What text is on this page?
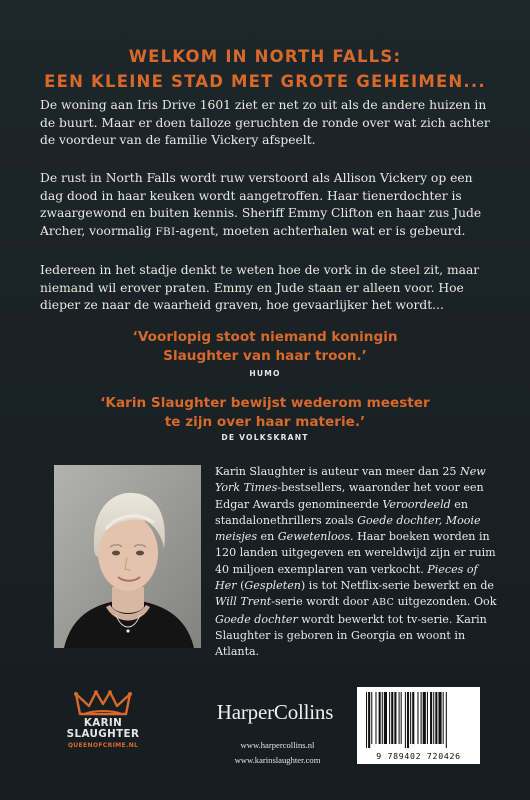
WELKOM IN NORTH FALLS:
EEN KLEINE STAD MET GROTE GEHEIMEN...

De woning aan Iris Drive 1601 ziet er net zo uit als de andere huizen in de buurt. Maar er doen talloze geruchten de ronde over wat zich achter de voordeur van de familie Vickery afspeelt.

De rust in North Falls wordt ruw verstoord als Allison Vickery op een dag dood in haar keuken wordt aangetroffen. Haar tienerdochter is zwaargewond en buiten kennis. Sheriff Emmy Clifton en haar zus Jude Archer, voormalig FBI-agent, moeten achterhalen wat er is gebeurd.

Iedereen in het stadje denkt te weten hoe de vork in de steel zit, maar niemand wil erover praten. Emmy en Jude staan er alleen voor. Hoe dieper ze naar de waarheid graven, hoe gevaarlijker het wordt...

‘Voorlopig stoot niemand koningin
Slaughter van haar troon.’
HUMO
‘Karin Slaughter bewijst wederom meester
te zijn over haar materie.’
DE VOLKSKRANT

Karin Slaughter is auteur van meer dan 25 New York Times-bestsellers, waaronder het voor een Edgar Awards genomineerde Veroordeeld en standalonethrillers zoals Goede dochter, Mooie meisjes en Gewetenloos. Haar boeken worden in 120 landen uitgegeven en wereldwijd zijn er ruim 40 miljoen exemplaren van verkocht. Pieces of Her (Gespleten) is tot Netflix-serie bewerkt en de Will Trent-serie wordt door ABC uitgezonden. Ook Goede dochter wordt bewerkt tot tv-serie. Karin Slaughter is geboren in Georgia en woont in Atlanta.

KARIN
SLAUGHTER
QUEENOFCRIME.NL
HarperCollins
www.harpercollins.nl
www.karinslaughter.com	9 789402 720426
